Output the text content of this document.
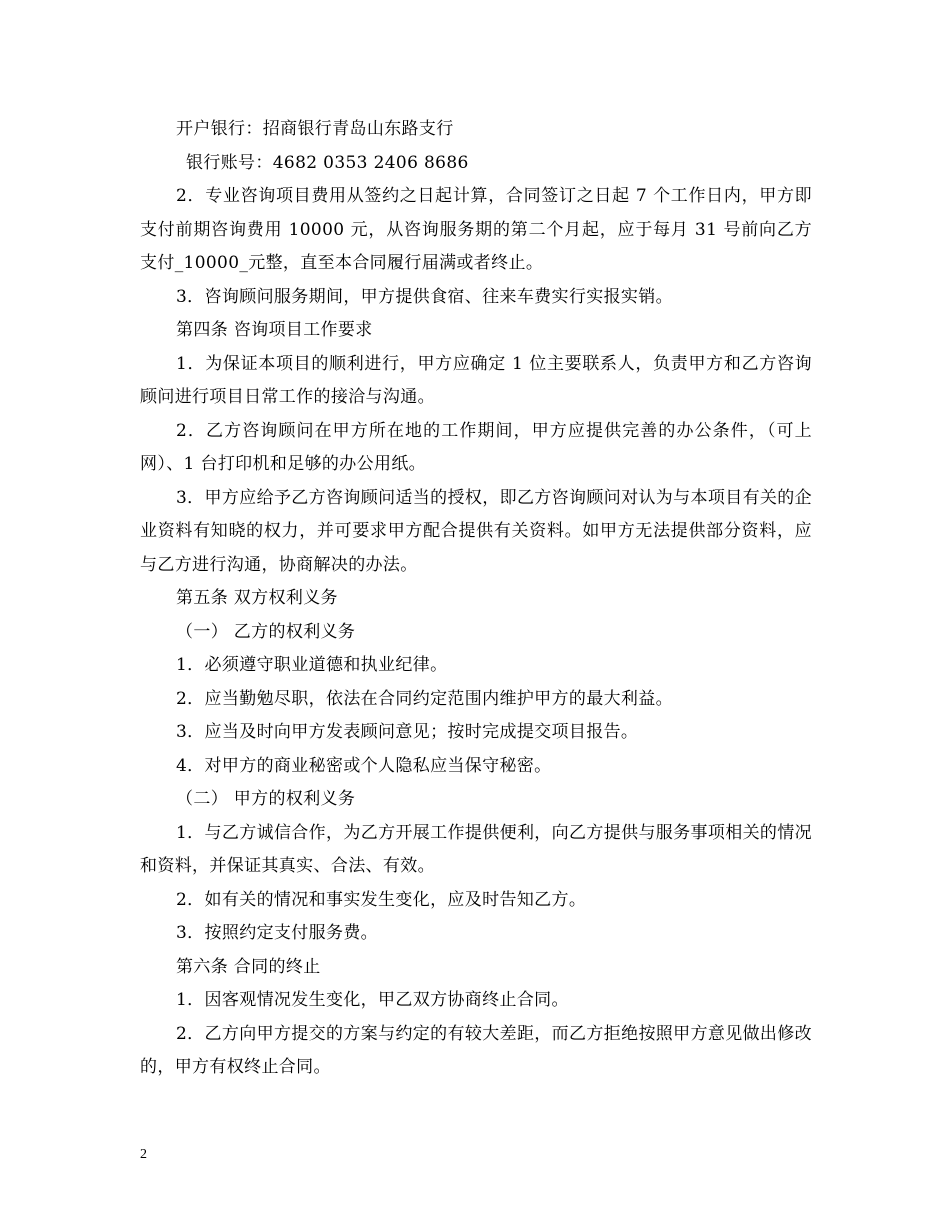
开户银行：招商银行青岛山东路支行

银行账号：4682 0353 2406 8686

2．专业咨询项目费用从签约之日起计算，合同签订之日起 7 个工作日内，甲方即支付前期咨询费用 10000 元，从咨询服务期的第二个月起，应于每月 31 号前向乙方支付_10000_元整，直至本合同履行届满或者终止。

3．咨询顾问服务期间，甲方提供食宿、往来车费实行实报实销。

第四条 咨询项目工作要求

1．为保证本项目的顺利进行，甲方应确定 1 位主要联系人，负责甲方和乙方咨询顾问进行项目日常工作的接洽与沟通。

2．乙方咨询顾问在甲方所在地的工作期间，甲方应提供完善的办公条件，（可上网）、1 台打印机和足够的办公用纸。

3．甲方应给予乙方咨询顾问适当的授权，即乙方咨询顾问对认为与本项目有关的企业资料有知晓的权力，并可要求甲方配合提供有关资料。如甲方无法提供部分资料，应与乙方进行沟通，协商解决的办法。

第五条 双方权利义务

（一） 乙方的权利义务

1．必须遵守职业道德和执业纪律。

2．应当勤勉尽职，依法在合同约定范围内维护甲方的最大利益。

3．应当及时向甲方发表顾问意见；按时完成提交项目报告。

4．对甲方的商业秘密或个人隐私应当保守秘密。

（二） 甲方的权利义务

1．与乙方诚信合作，为乙方开展工作提供便利，向乙方提供与服务事项相关的情况和资料，并保证其真实、合法、有效。

2．如有关的情况和事实发生变化，应及时告知乙方。

3．按照约定支付服务费。

第六条 合同的终止

1．因客观情况发生变化，甲乙双方协商终止合同。

2．乙方向甲方提交的方案与约定的有较大差距，而乙方拒绝按照甲方意见做出修改的，甲方有权终止合同。

2
